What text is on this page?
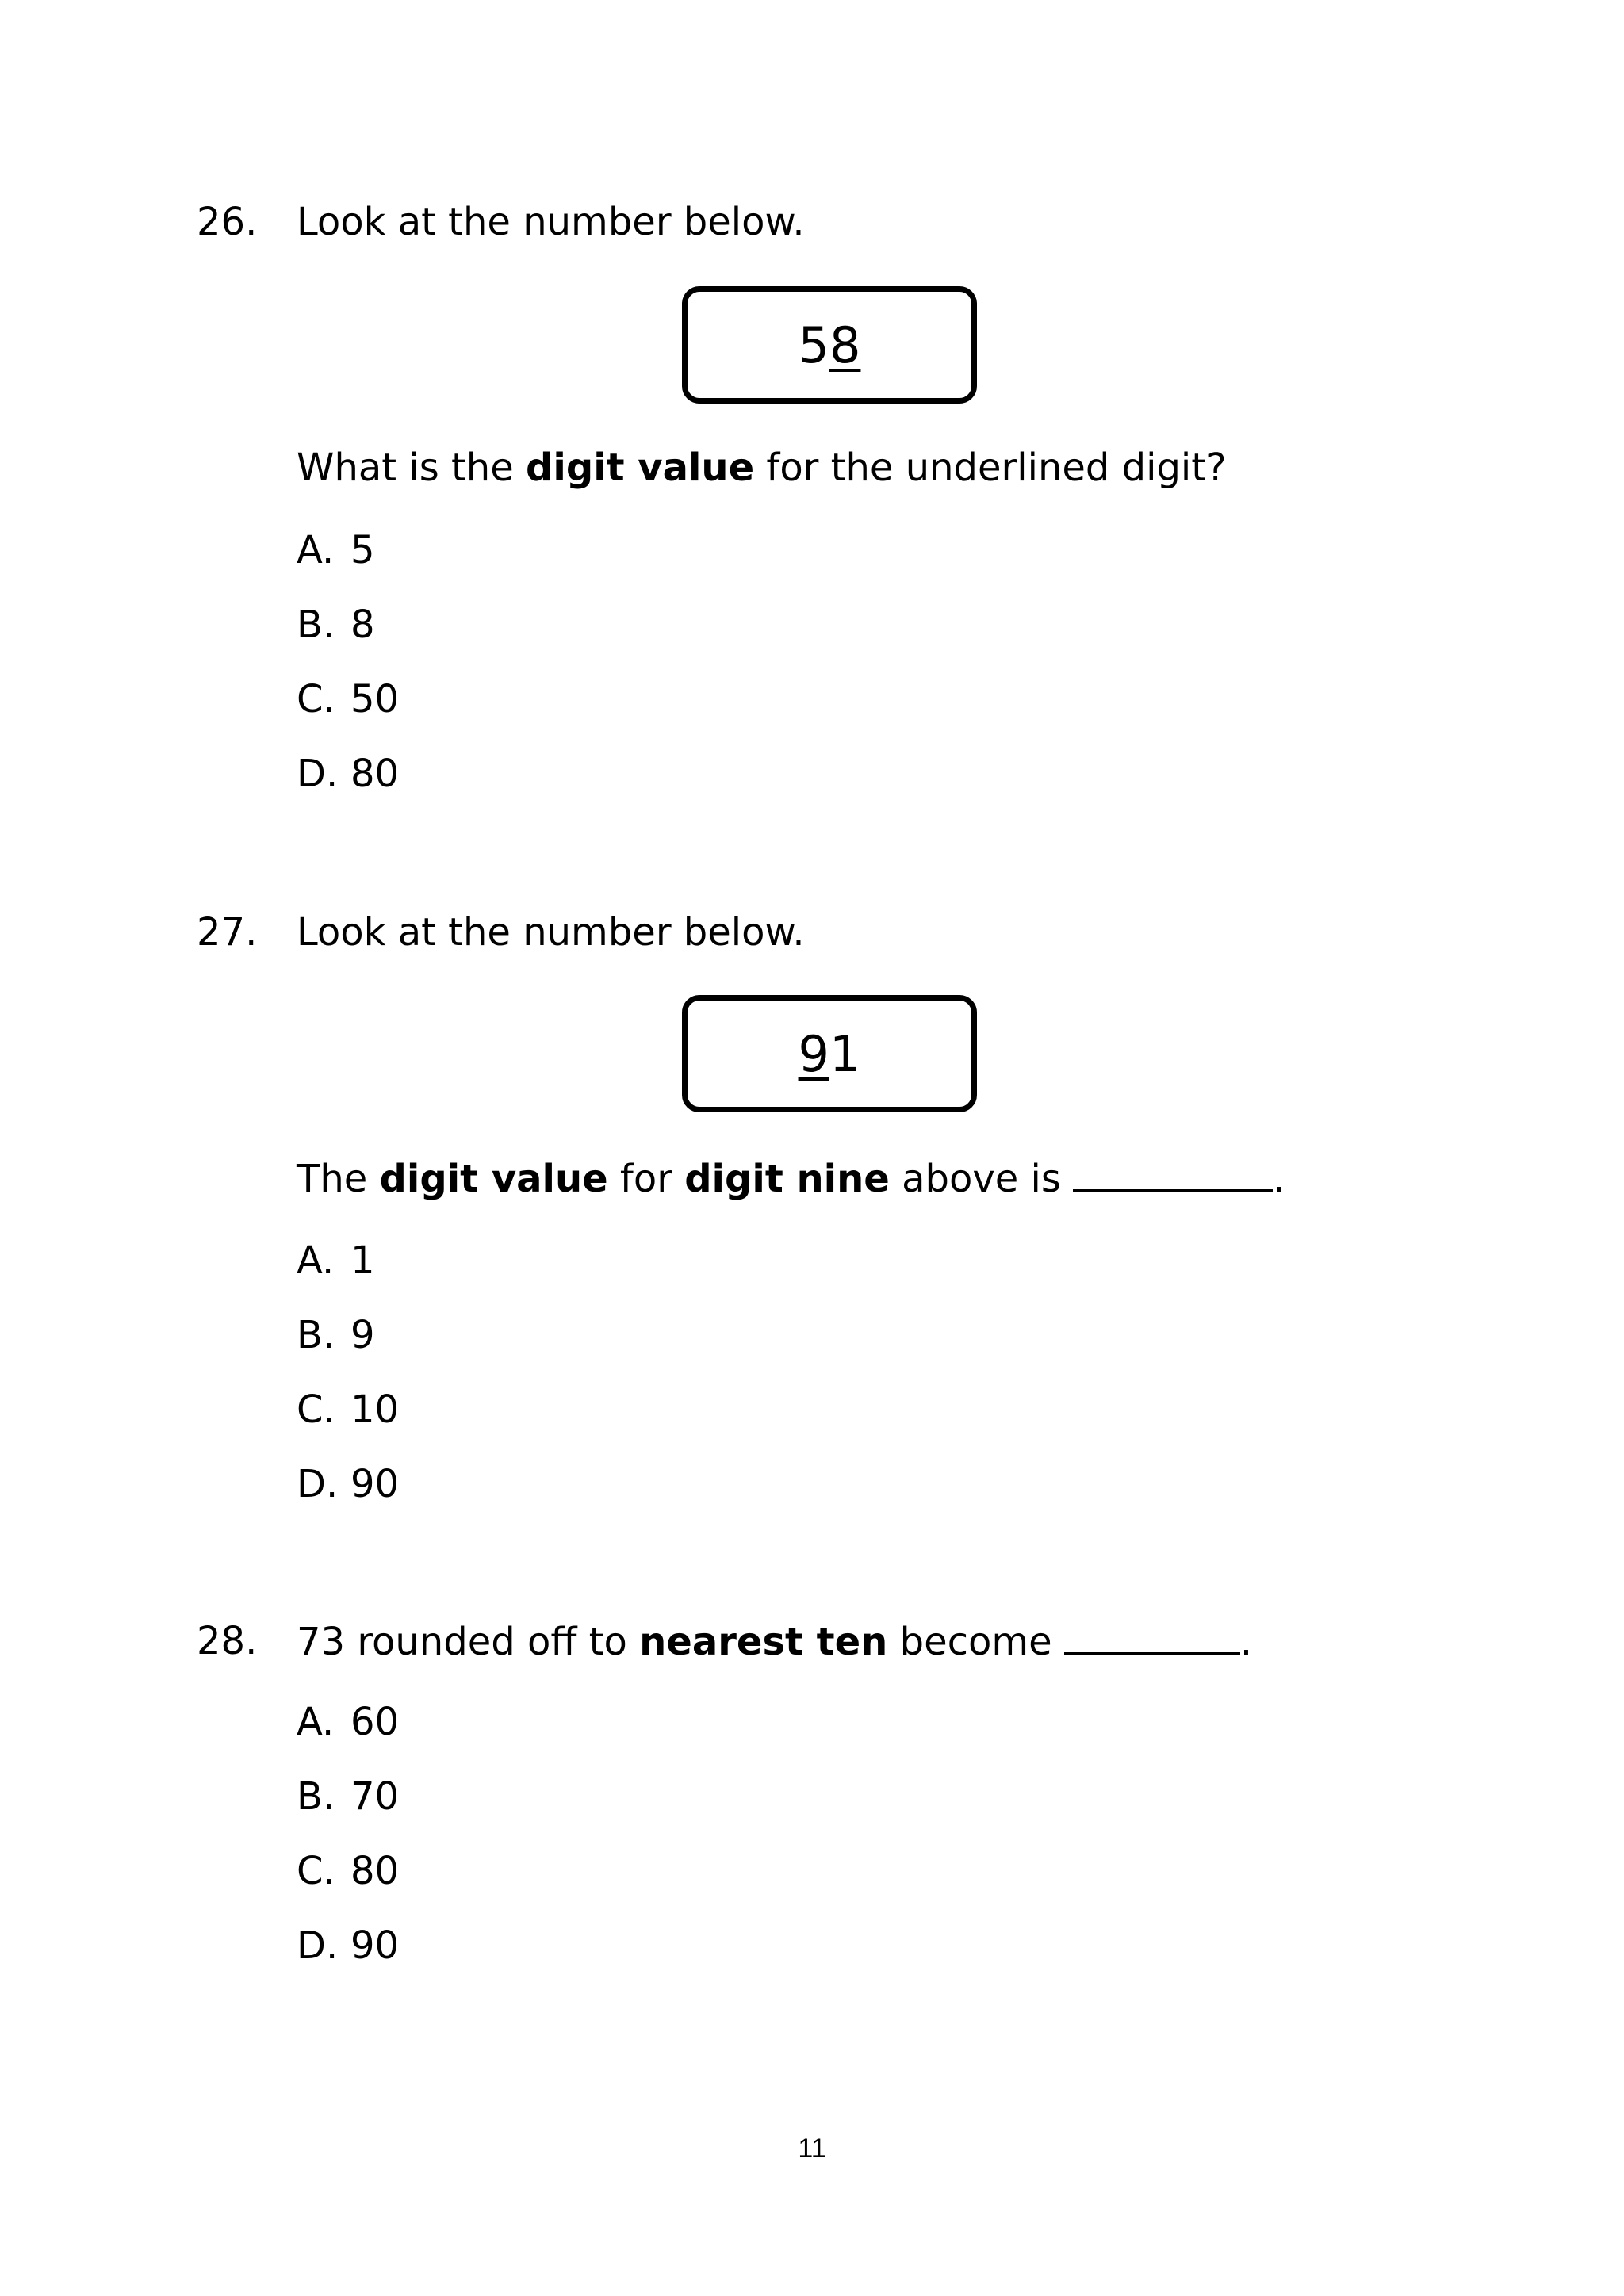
26. Look at the number below.
5 8
What is the digit value for the underlined digit?
A. 5
B. 8
C. 50
D. 80
27. Look at the number below.
9 1
The digit value for digit nine above is	.
A. 1
B. 9
C. 10
D. 90
28. 73 rounded off to nearest ten become	.
A. 60
B. 70
C. 80
D. 90
11
